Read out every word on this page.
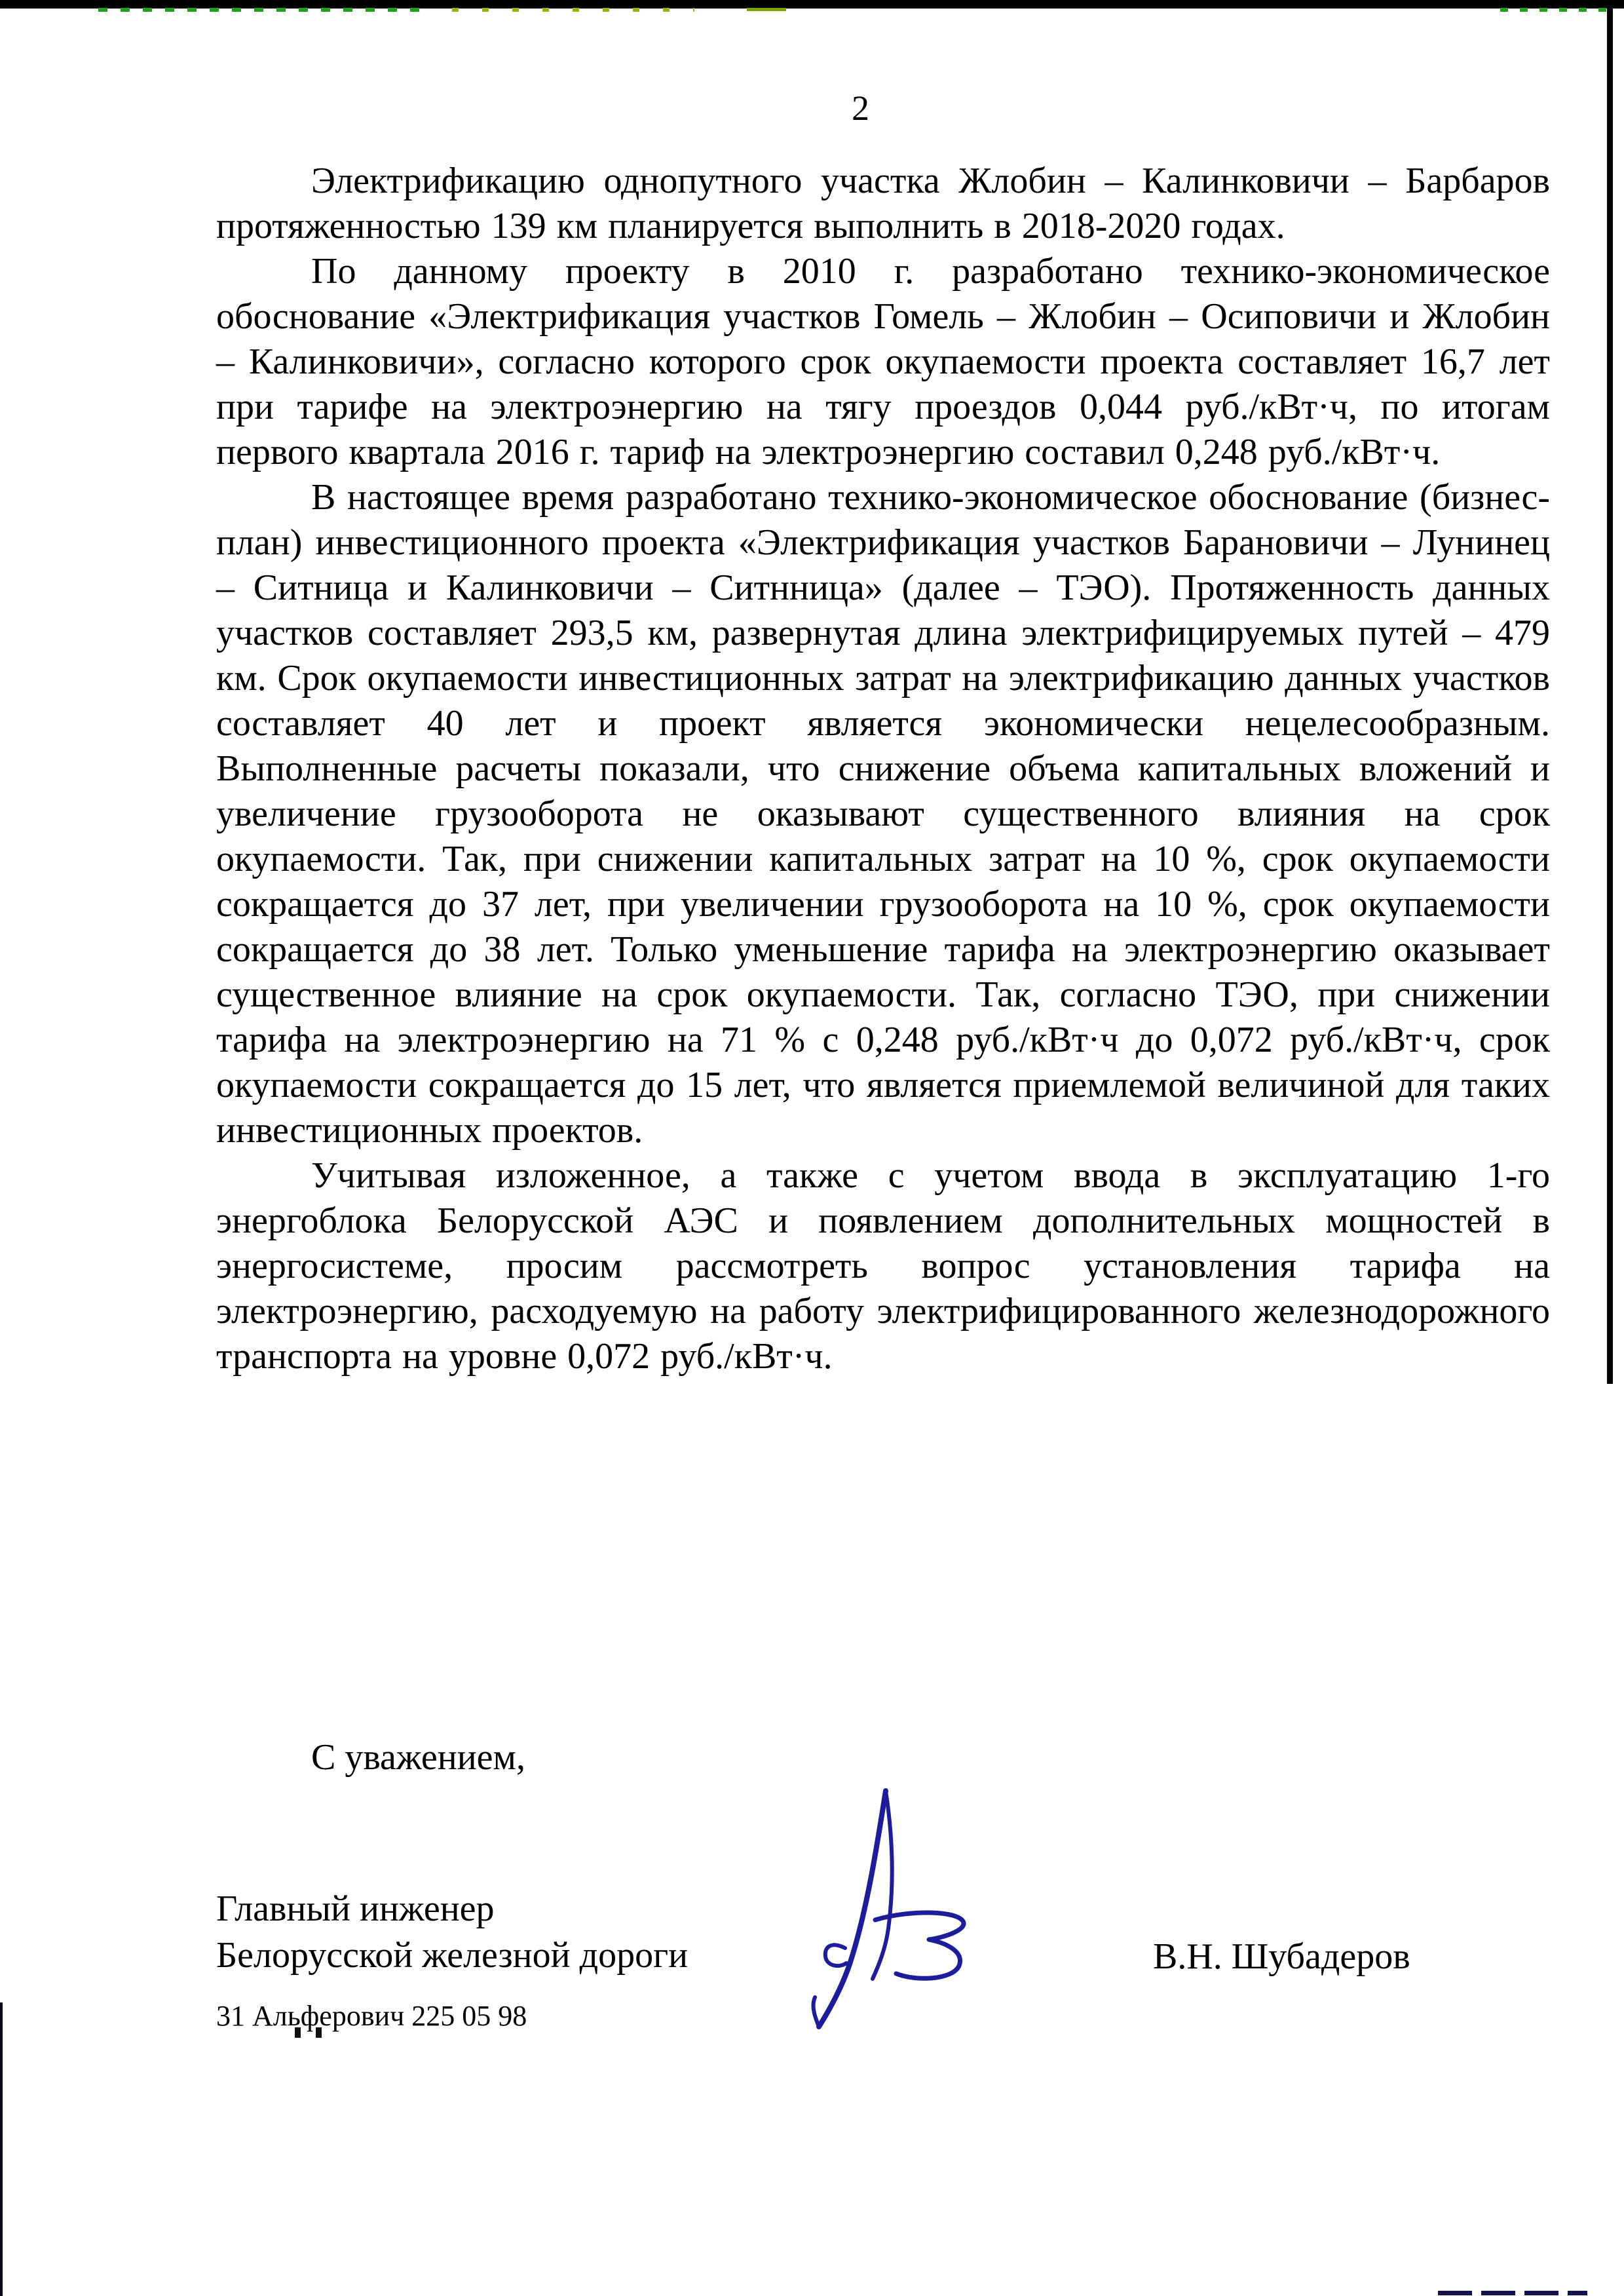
2

Электрификацию однопутного участка Жлобин – Калинковичи – Барбаров протяженностью 139 км планируется выполнить в 2018-2020 годах.

По данному проекту в 2010 г. разработано технико-экономическое обоснование «Электрификация участков Гомель – Жлобин – Осиповичи и Жлобин – Калинковичи», согласно которого срок окупаемости проекта составляет 16,7 лет при тарифе на электроэнергию на тягу проездов 0,044 руб./кВт·ч, по итогам первого квартала 2016 г. тариф на электроэнергию составил 0,248 руб./кВт·ч.

В настоящее время разработано технико-экономическое обоснование (бизнес-план) инвестиционного проекта «Электрификация участков Барановичи – Лунинец – Ситница и Калинковичи – Ситнница» (далее – ТЭО). Протяженность данных участков составляет 293,5 км, развернутая длина электрифицируемых путей – 479 км. Срок окупаемости инвестиционных затрат на электрификацию данных участков составляет 40 лет и проект является экономически нецелесообразным. Выполненные расчеты показали, что снижение объема капитальных вложений и увеличение грузооборота не оказывают существенного влияния на срок окупаемости. Так, при снижении капитальных затрат на 10 %, срок окупаемости сокращается до 37 лет, при увеличении грузооборота на 10 %, срок окупаемости сокращается до 38 лет. Только уменьшение тарифа на электроэнергию оказывает существенное влияние на срок окупаемости. Так, согласно ТЭО, при снижении тарифа на электроэнергию на 71 % с 0,248 руб./кВт·ч до 0,072 руб./кВт·ч, срок окупаемости сокращается до 15 лет, что является приемлемой величиной для таких инвестиционных проектов.

Учитывая изложенное, а также с учетом ввода в эксплуатацию 1-го энергоблока Белорусской АЭС и появлением дополнительных мощностей в энергосистеме, просим рассмотреть вопрос установления тарифа на электроэнергию, расходуемую на работу электрифицированного железнодорожного транспорта на уровне 0,072 руб./кВт·ч.

С уважением,
Главный инженер
Белорусской железной дороги	В.Н. Шубадеров
31 Альферович 225 05 98
